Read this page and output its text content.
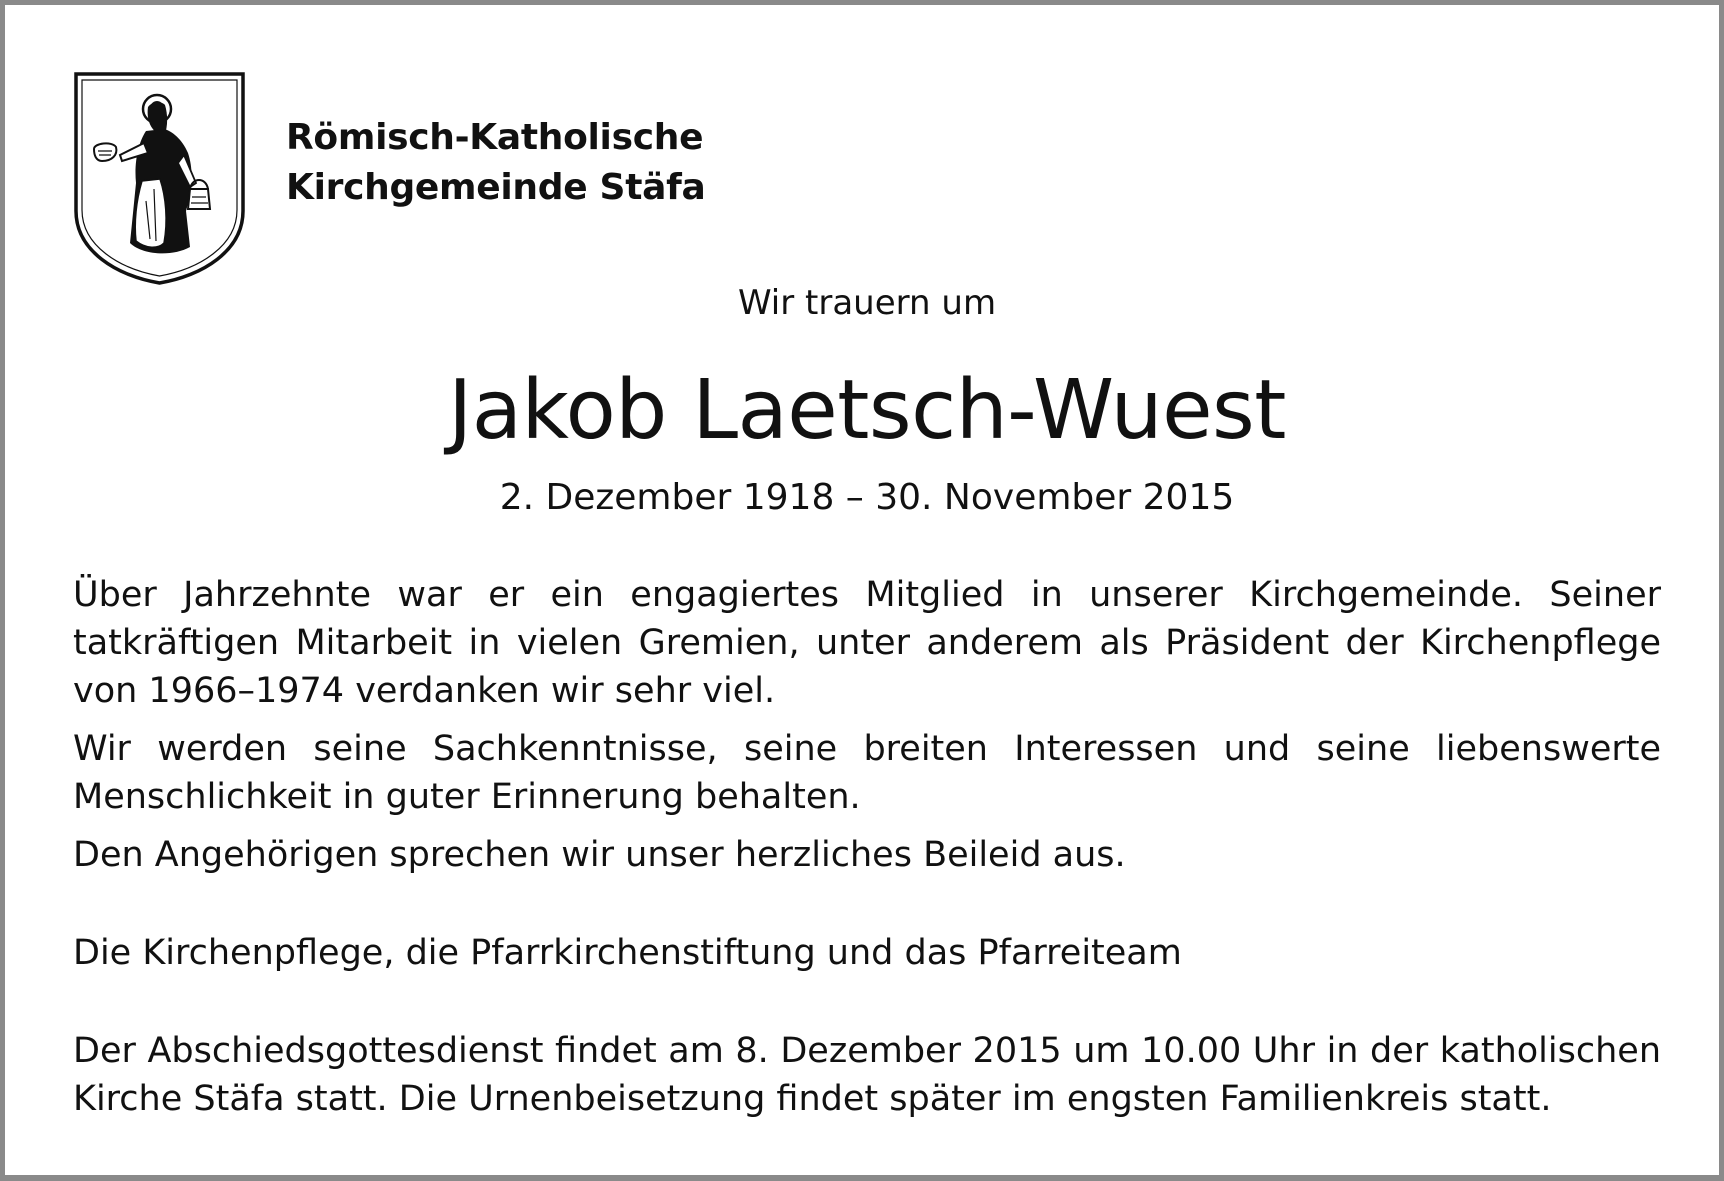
Römisch-Katholische
Kirchgemeinde Stäfa
Wir trauern um
Jakob Laetsch-Wuest
2. Dezember 1918 – 30. November 2015

Über Jahrzehnte war er ein engagiertes Mitglied in unserer Kirchgemeinde. Seiner tatkräftigen Mitarbeit in vielen Gremien, unter anderem als Präsident der Kirchenpflege von 1966–1974 verdanken wir sehr viel.

Wir werden seine Sachkenntnisse, seine breiten Interessen und seine liebenswerte Menschlichkeit in guter Erinnerung behalten.

Den Angehörigen sprechen wir unser herzliches Beileid aus.

Die Kirchenpflege, die Pfarrkirchenstiftung und das Pfarreiteam

Der Abschiedsgottesdienst findet am 8. Dezember 2015 um 10.00 Uhr in der katholischen Kirche Stäfa statt. Die Urnenbeisetzung findet später im engsten Familienkreis statt.
